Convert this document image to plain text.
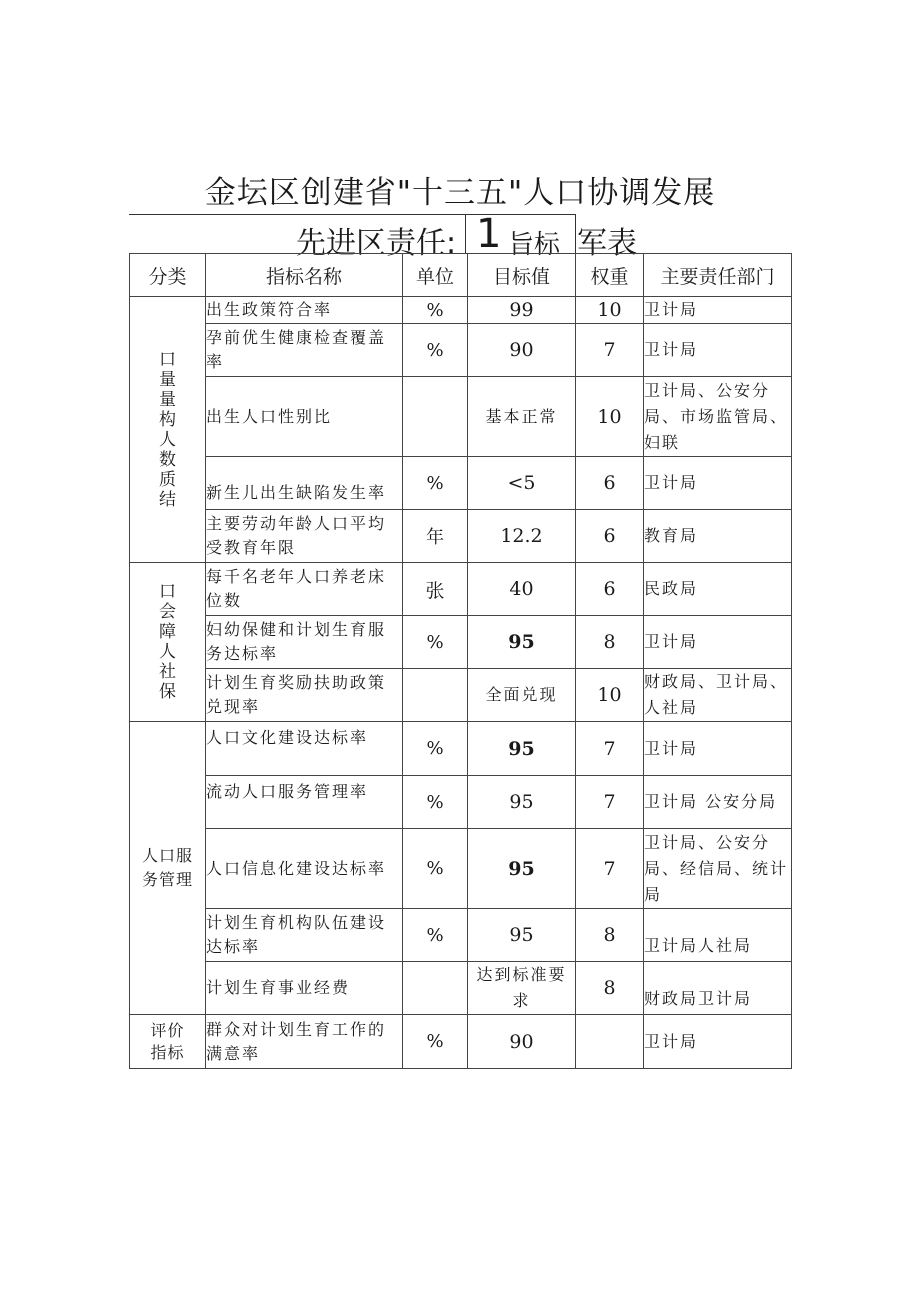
金坛区创建省"十三五"人口协调发展
先进区责任: 1 旨标 军表
分类	指标名称	单位	目标值	权重	主要责任部门
口量量构人数质结	出生政策符合率	%	99	10	卫计局
	孕前优生健康检查覆盖率	%	90	7	卫计局
	出生人口性别比		基本正常	10	卫计局、公安分局、市场监管局、妇联
	新生儿出生缺陷发生率	%	<5	6	卫计局
	主要劳动年龄人口平均受教育年限	年	12.2	6	教育局
口会障人社保	每千名老年人口养老床位数	张	40	6	民政局
	妇幼保健和计划生育服务达标率	%	95	8	卫计局
	计划生育奖励扶助政策兑现率		全面兑现	10	财政局、卫计局、人社局
人口服务管理	人口文化建设达标率	%	95	7	卫计局
	流动人口服务管理率	%	95	7	卫计局 公安分局
	人口信息化建设达标率	%	95	7	卫计局、公安分局、经信局、统计局
	计划生育机构队伍建设达标率	%	95	8	卫计局人社局
	计划生育事业经费		达到标准要求	8	财政局卫计局
评价指标	群众对计划生育工作的满意率	%	90		卫计局
